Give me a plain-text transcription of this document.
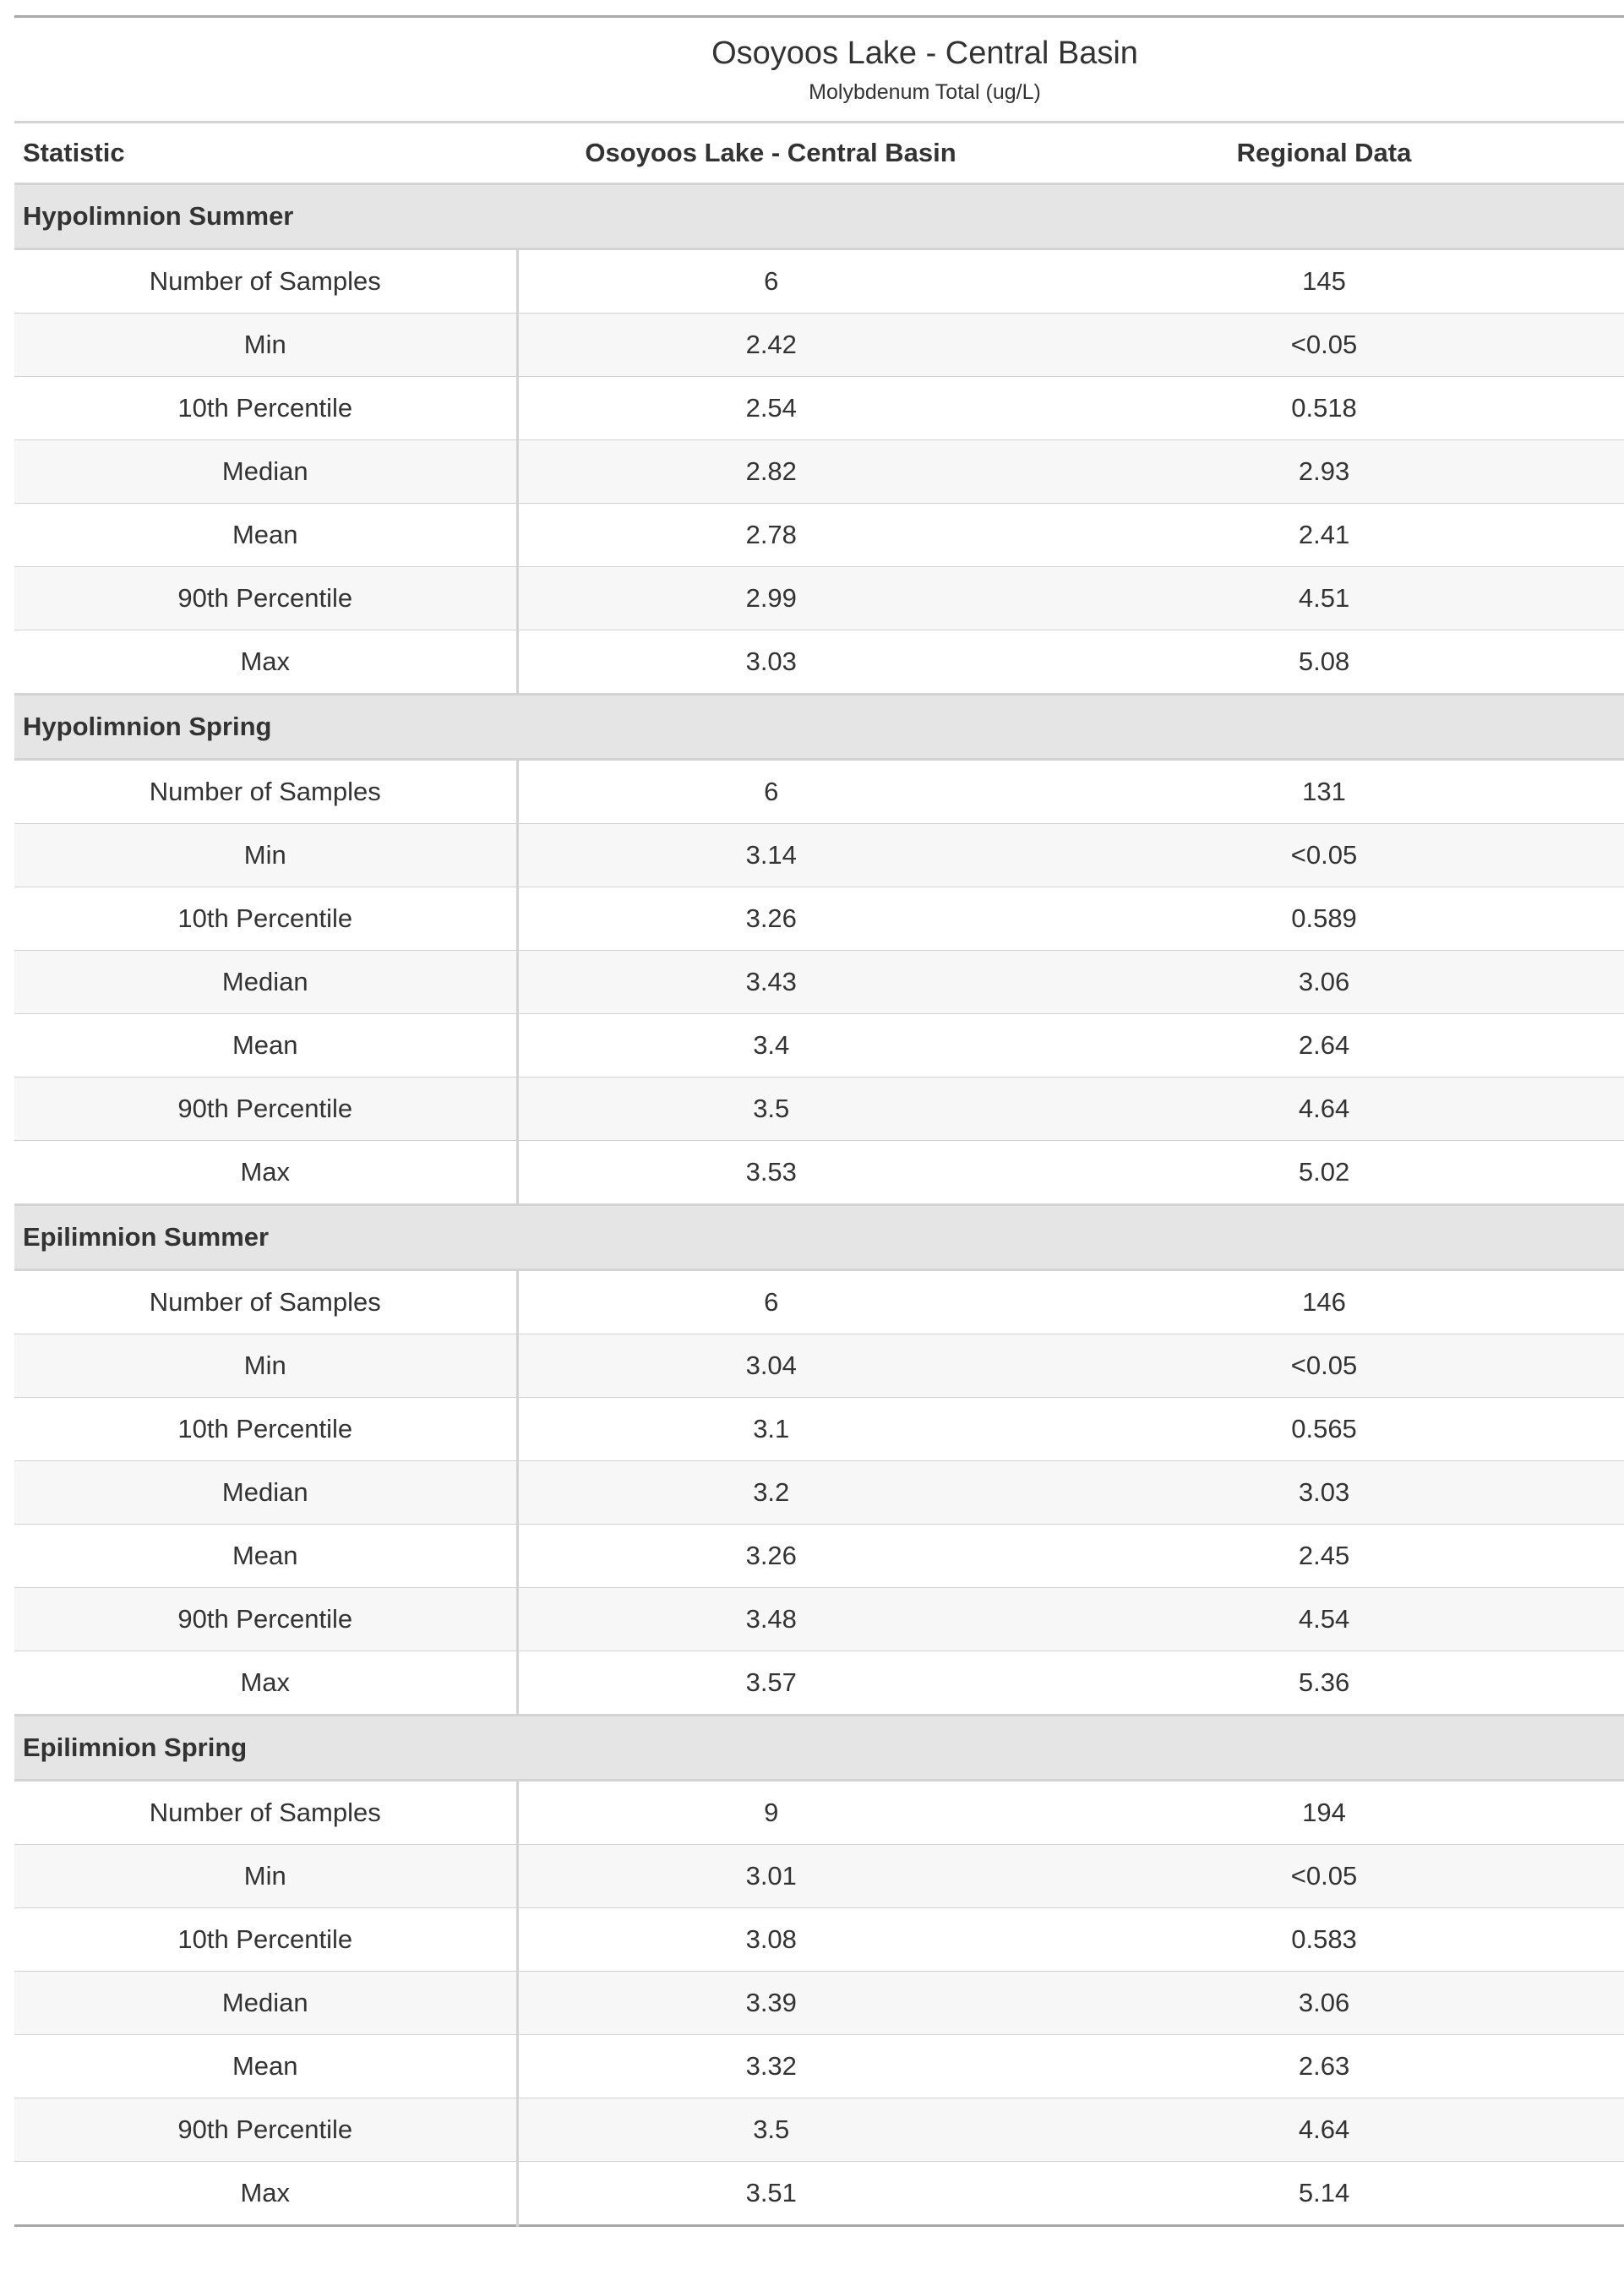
Osoyoos Lake - Central Basin		
Molybdenum Total (ug/L)		
Statistic	Osoyoos Lake - Central Basin	Regional Data
Hypolimnion Summer		
Number of Samples	6	145
Min	2.42	<0.05
10th Percentile	2.54	0.518
Median	2.82	2.93
Mean	2.78	2.41
90th Percentile	2.99	4.51
Max	3.03	5.08
Hypolimnion Spring		
Number of Samples	6	131
Min	3.14	<0.05
10th Percentile	3.26	0.589
Median	3.43	3.06
Mean	3.4	2.64
90th Percentile	3.5	4.64
Max	3.53	5.02
Epilimnion Summer		
Number of Samples	6	146
Min	3.04	<0.05
10th Percentile	3.1	0.565
Median	3.2	3.03
Mean	3.26	2.45
90th Percentile	3.48	4.54
Max	3.57	5.36
Epilimnion Spring		
Number of Samples	9	194
Min	3.01	<0.05
10th Percentile	3.08	0.583
Median	3.39	3.06
Mean	3.32	2.63
90th Percentile	3.5	4.64
Max	3.51	5.14
